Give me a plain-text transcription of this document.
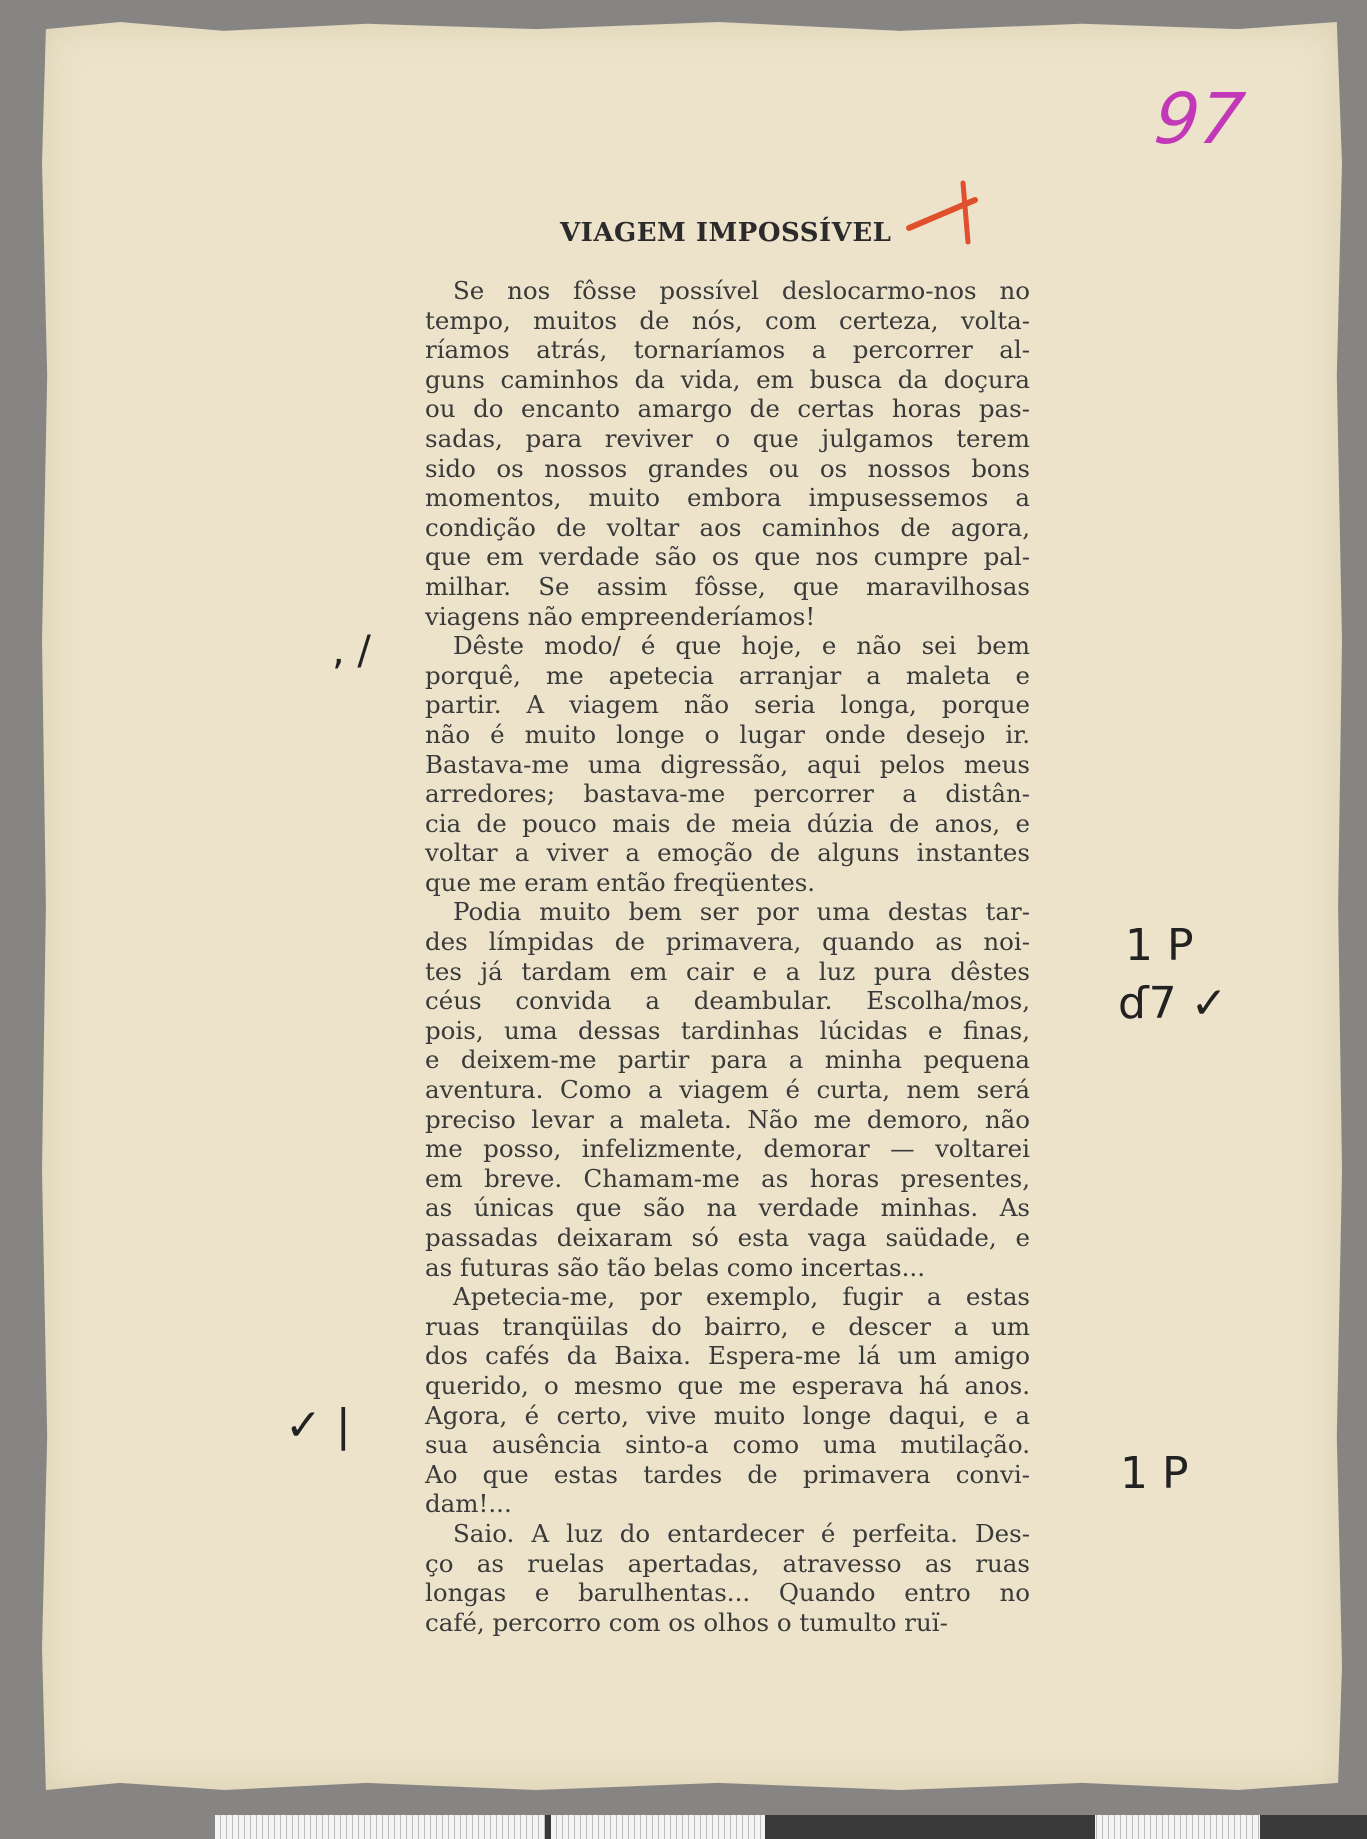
97
VIAGEM IMPOSSÍVEL

Se nos fôsse possível deslocarmo-nos no
tempo, muitos de nós, com certeza, volta-
ríamos atrás, tornaríamos a percorrer al-
guns caminhos da vida, em busca da doçura
ou do encanto amargo de certas horas pas-
sadas, para reviver o que julgamos terem
sido os nossos grandes ou os nossos bons
momentos, muito embora impusessemos a
condição de voltar aos caminhos de agora,
que em verdade são os que nos cumpre pal-
milhar. Se assim fôsse, que maravilhosas
viagens não empreenderíamos!

Dêste modo/ é que hoje, e não sei bem
porquê, me apetecia arranjar a maleta e
partir. A viagem não seria longa, porque
não é muito longe o lugar onde desejo ir.
Bastava-me uma digressão, aqui pelos meus
arredores; bastava-me percorrer a distân-
cia de pouco mais de meia dúzia de anos, e
voltar a viver a emoção de alguns instantes
que me eram então freqüentes.

Podia muito bem ser por uma destas tar-
des límpidas de primavera, quando as noi-
tes já tardam em cair e a luz pura dêstes
céus convida a deambular. Escolha/mos,
pois, uma dessas tardinhas lúcidas e finas,
e deixem-me partir para a minha pequena
aventura. Como a viagem é curta, nem será
preciso levar a maleta. Não me demoro, não
me posso, infelizmente, demorar — voltarei
em breve. Chamam-me as horas presentes,
as únicas que são na verdade minhas. As
passadas deixaram só esta vaga saüdade, e
as futuras são tão belas como incertas...

Apetecia-me, por exemplo, fugir a estas
ruas tranqüilas do bairro, e descer a um
dos cafés da Baixa. Espera-me lá um amigo
querido, o mesmo que me esperava há anos.
Agora, é certo, vive muito longe daqui, e a
sua ausência sinto-a como uma mutilação.
Ao que estas tardes de primavera convi-
dam!...

Saio. A luz do entardecer é perfeita. Des-
ço as ruelas apertadas, atravesso as ruas
longas e barulhentas... Quando entro no
café, percorro com os olhos o tumulto ruï-

, /
1 P
ɗ7 ✓
✓ |
1 P
